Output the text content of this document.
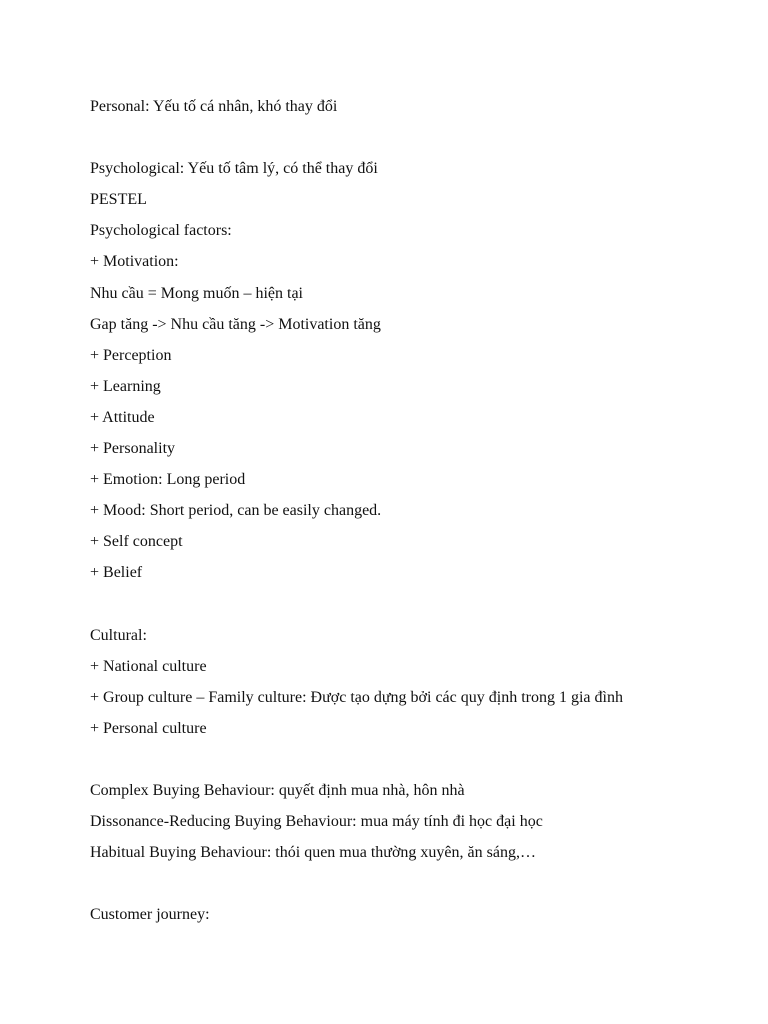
Personal: Yếu tố cá nhân, khó thay đổi
Psychological: Yếu tố tâm lý, có thể thay đổi
PESTEL
Psychological factors:
+ Motivation:
Nhu cầu = Mong muốn – hiện tại
Gap tăng -> Nhu cầu tăng -> Motivation tăng
+ Perception
+ Learning
+ Attitude
+ Personality
+ Emotion: Long period
+ Mood: Short period, can be easily changed.
+ Self concept
+ Belief
Cultural:
+ National culture
+ Group culture – Family culture: Được tạo dựng bởi các quy định trong 1 gia đình
+ Personal culture
Complex Buying Behaviour: quyết định mua nhà, hôn nhà
Dissonance-Reducing Buying Behaviour: mua máy tính đi học đại học
Habitual Buying Behaviour: thói quen mua thường xuyên, ăn sáng,…
Customer journey:
